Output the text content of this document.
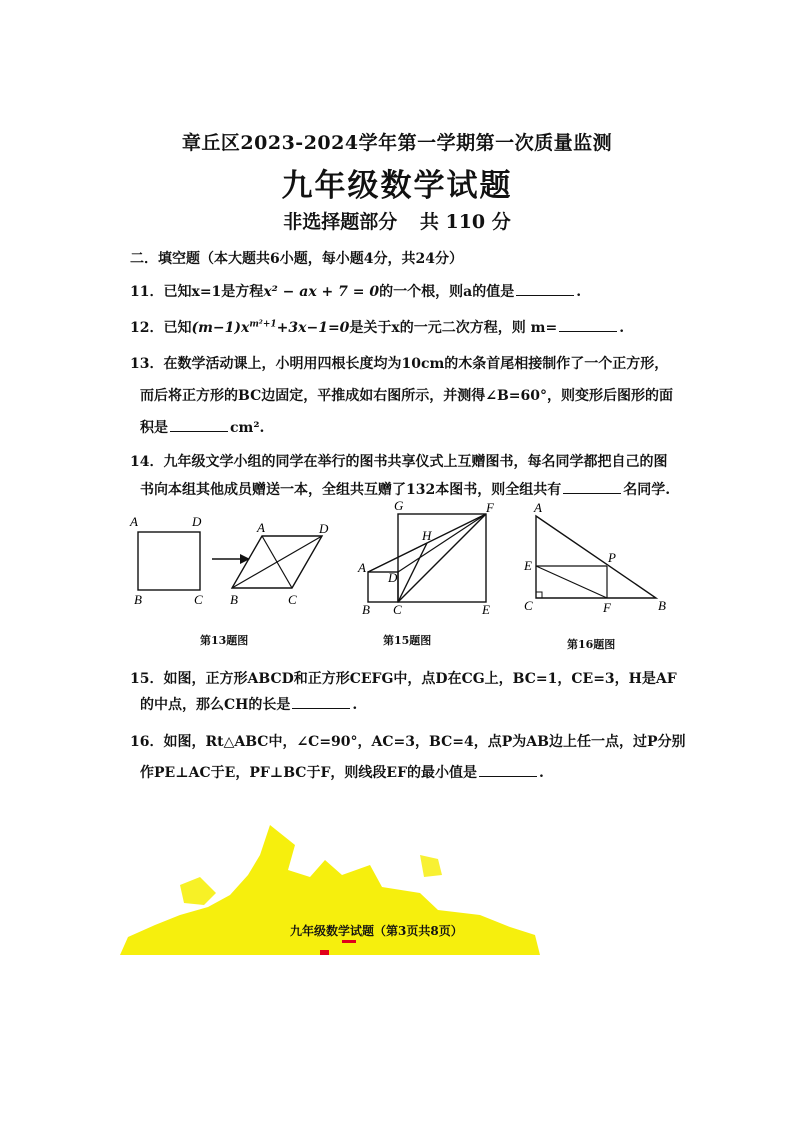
章丘区2023-2024学年第一学期第一次质量监测
九年级数学试题
非选择题部分 共 110 分
二．填空题（本大题共6小题，每小题4分，共24分）
11．已知x=1是方程x² − ax + 7 = 0的一个根，则a的值是	.
12．已知$(m-1)x^{m^2+1}+3x-1=0$是关于x的一元二次方程，则 m=	.
13．在数学活动课上，小明用四根长度均为10cm的木条首尾相接制作了一个正方形，
而后将正方形的BC边固定，平推成如右图所示，并测得∠B=60°，则变形后图形的面
积是	cm².
14．九年级文学小组的同学在举行的图书共享仪式上互赠图书，每名同学都把自己的图
书向本组其他成员赠送一本，全组共互赠了132本图书，则全组共有	名同学.
A	D
B	C
A	D
B	C
G	F
H
A
D
B C	E
A
P
E
C	F	B
第13题图	第15题图	第16题图
15．如图，正方形ABCD和正方形CEFG中，点D在CG上，BC=1，CE=3，H是AF
的中点，那么CH的长是	.
16．如图，Rt△ABC中，∠C=90°，AC=3，BC=4，点P为AB边上任一点，过P分别
作PE⊥AC于E，PF⊥BC于F，则线段EF的最小值是	.
九年级数学试题（第3页共8页）
